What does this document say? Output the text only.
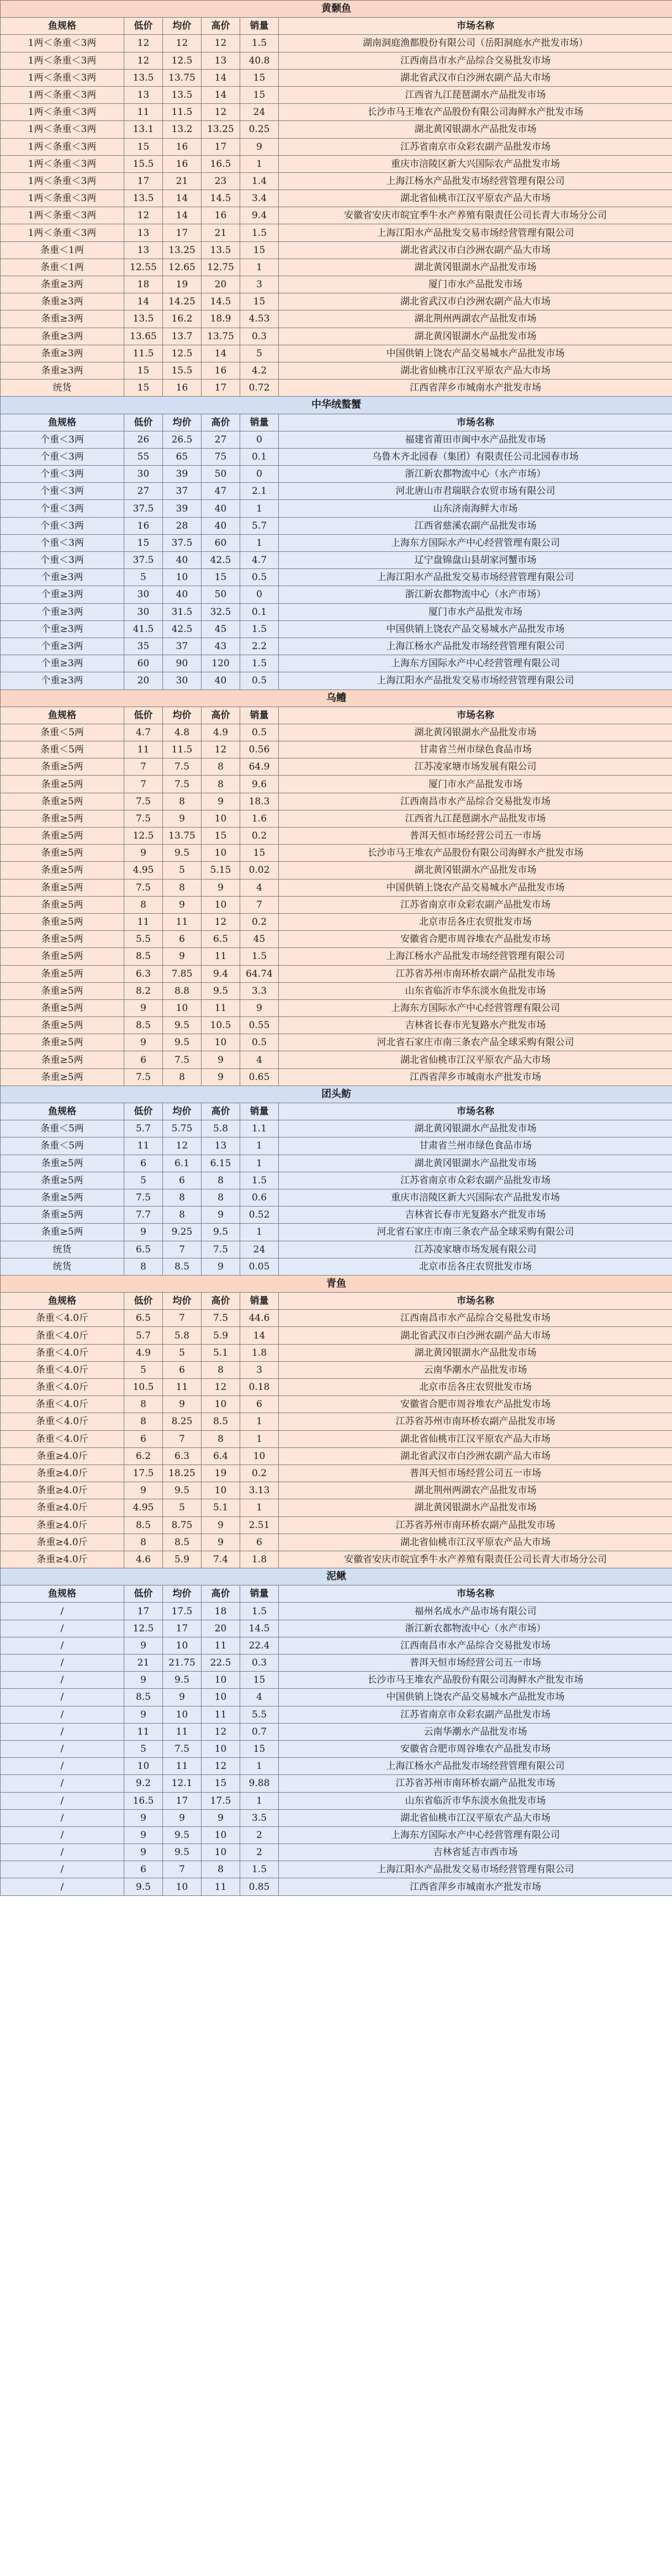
黄颡鱼					
鱼规格	低价	均价	高价	销量	市场名称
1两＜条重＜3两	12	12	12	1.5	湖南洞庭渔都股份有限公司（岳阳洞庭水产批发市场）
1两＜条重＜3两	12	12.5	13	40.8	江西南昌市水产品综合交易批发市场
1两＜条重＜3两	13.5	13.75	14	15	湖北省武汉市白沙洲农副产品大市场
1两＜条重＜3两	13	13.5	14	15	江西省九江琵琶湖水产品批发市场
1两＜条重＜3两	11	11.5	12	24	长沙市马王堆农产品股份有限公司海鲜水产批发市场
1两＜条重＜3两	13.1	13.2	13.25	0.25	湖北黄冈银湖水产品批发市场
1两＜条重＜3两	15	16	17	9	江苏省南京市众彩农副产品批发市场
1两＜条重＜3两	15.5	16	16.5	1	重庆市涪陵区新大兴国际农产品批发市场
1两＜条重＜3两	17	21	23	1.4	上海江杨水产品批发市场经营管理有限公司
1两＜条重＜3两	13.5	14	14.5	3.4	湖北省仙桃市江汉平原农产品大市场
1两＜条重＜3两	12	14	16	9.4	安徽省安庆市皖宜季牛水产养殖有限责任公司长青大市场分公司
1两＜条重＜3两	13	17	21	1.5	上海江阳水产品批发交易市场经营管理有限公司
条重＜1两	13	13.25	13.5	15	湖北省武汉市白沙洲农副产品大市场
条重＜1两	12.55	12.65	12.75	1	湖北黄冈银湖水产品批发市场
条重≥3两	18	19	20	3	厦门市水产品批发市场
条重≥3两	14	14.25	14.5	15	湖北省武汉市白沙洲农副产品大市场
条重≥3两	13.5	16.2	18.9	4.53	湖北荆州两湖农产品批发市场
条重≥3两	13.65	13.7	13.75	0.3	湖北黄冈银湖水产品批发市场
条重≥3两	11.5	12.5	14	5	中国供销上饶农产品交易城水产品批发市场
条重≥3两	15	15.5	16	4.2	湖北省仙桃市江汉平原农产品大市场
统货	15	16	17	0.72	江西省萍乡市城南水产批发市场
中华绒螯蟹					
鱼规格	低价	均价	高价	销量	市场名称
个重＜3两	26	26.5	27	0	福建省莆田市闽中水产品批发市场
个重＜3两	55	65	75	0.1	乌鲁木齐北园春（集团）有限责任公司北园春市场
个重＜3两	30	39	50	0	浙江新农都物流中心（水产市场）
个重＜3两	27	37	47	2.1	河北唐山市君瑞联合农贸市场有限公司
个重＜3两	37.5	39	40	1	山东济南海鲜大市场
个重＜3两	16	28	40	5.7	江西省慈溪农副产品批发市场
个重＜3两	15	37.5	60	1	上海东方国际水产中心经营管理有限公司
个重＜3两	37.5	40	42.5	4.7	辽宁盘锦盘山县胡家河蟹市场
个重≥3两	5	10	15	0.5	上海江阳水产品批发交易市场经营管理有限公司
个重≥3两	30	40	50	0	浙江新农都物流中心（水产市场）
个重≥3两	30	31.5	32.5	0.1	厦门市水产品批发市场
个重≥3两	41.5	42.5	45	1.5	中国供销上饶农产品交易城水产品批发市场
个重≥3两	35	37	43	2.2	上海江杨水产品批发市场经营管理有限公司
个重≥3两	60	90	120	1.5	上海东方国际水产中心经营管理有限公司
个重≥3两	20	30	40	0.5	上海江阳水产品批发交易市场经营管理有限公司
乌鳢					
鱼规格	低价	均价	高价	销量	市场名称
条重＜5两	4.7	4.8	4.9	0.5	湖北黄冈银湖水产品批发市场
条重＜5两	11	11.5	12	0.56	甘肃省兰州市绿色食品市场
条重≥5两	7	7.5	8	64.9	江苏凌家塘市场发展有限公司
条重≥5两	7	7.5	8	9.6	厦门市水产品批发市场
条重≥5两	7.5	8	9	18.3	江西南昌市水产品综合交易批发市场
条重≥5两	7.5	9	10	1.6	江西省九江琵琶湖水产品批发市场
条重≥5两	12.5	13.75	15	0.2	普洱天恒市场经营公司五一市场
条重≥5两	9	9.5	10	15	长沙市马王堆农产品股份有限公司海鲜水产批发市场
条重≥5两	4.95	5	5.15	0.02	湖北黄冈银湖水产品批发市场
条重≥5两	7.5	8	9	4	中国供销上饶农产品交易城水产品批发市场
条重≥5两	8	9	10	7	江苏省南京市众彩农副产品批发市场
条重≥5两	11	11	12	0.2	北京市岳各庄农贸批发市场
条重≥5两	5.5	6	6.5	45	安徽省合肥市周谷堆农产品批发市场
条重≥5两	8.5	9	11	1.5	上海江杨水产品批发市场经营管理有限公司
条重≥5两	6.3	7.85	9.4	64.74	江苏省苏州市南环桥农副产品批发市场
条重≥5两	8.2	8.8	9.5	3.3	山东省临沂市华东淡水鱼批发市场
条重≥5两	9	10	11	9	上海东方国际水产中心经营管理有限公司
条重≥5两	8.5	9.5	10.5	0.55	吉林省长春市光复路水产批发市场
条重≥5两	9	9.5	10	0.5	河北省石家庄市南三条农产品全球采购有限公司
条重≥5两	6	7.5	9	4	湖北省仙桃市江汉平原农产品大市场
条重≥5两	7.5	8	9	0.65	江西省萍乡市城南水产批发市场
团头鲂					
鱼规格	低价	均价	高价	销量	市场名称
条重＜5两	5.7	5.75	5.8	1.1	湖北黄冈银湖水产品批发市场
条重＜5两	11	12	13	1	甘肃省兰州市绿色食品市场
条重≥5两	6	6.1	6.15	1	湖北黄冈银湖水产品批发市场
条重≥5两	5	6	8	1.5	江苏省南京市众彩农副产品批发市场
条重≥5两	7.5	8	8	0.6	重庆市涪陵区新大兴国际农产品批发市场
条重≥5两	7.7	8	9	0.52	吉林省长春市光复路水产批发市场
条重≥5两	9	9.25	9.5	1	河北省石家庄市南三条农产品全球采购有限公司
统货	6.5	7	7.5	24	江苏凌家塘市场发展有限公司
统货	8	8.5	9	0.05	北京市岳各庄农贸批发市场
青鱼					
鱼规格	低价	均价	高价	销量	市场名称
条重＜4.0斤	6.5	7	7.5	44.6	江西南昌市水产品综合交易批发市场
条重＜4.0斤	5.7	5.8	5.9	14	湖北省武汉市白沙洲农副产品大市场
条重＜4.0斤	4.9	5	5.1	1.8	湖北黄冈银湖水产品批发市场
条重＜4.0斤	5	6	8	3	云南华潮水产品批发市场
条重＜4.0斤	10.5	11	12	0.18	北京市岳各庄农贸批发市场
条重＜4.0斤	8	9	10	6	安徽省合肥市周谷堆农产品批发市场
条重＜4.0斤	8	8.25	8.5	1	江苏省苏州市南环桥农副产品批发市场
条重＜4.0斤	6	7	8	1	湖北省仙桃市江汉平原农产品大市场
条重≥4.0斤	6.2	6.3	6.4	10	湖北省武汉市白沙洲农副产品大市场
条重≥4.0斤	17.5	18.25	19	0.2	普洱天恒市场经营公司五一市场
条重≥4.0斤	9	9.5	10	3.13	湖北荆州两湖农产品批发市场
条重≥4.0斤	4.95	5	5.1	1	湖北黄冈银湖水产品批发市场
条重≥4.0斤	8.5	8.75	9	2.51	江苏省苏州市南环桥农副产品批发市场
条重≥4.0斤	8	8.5	9	6	湖北省仙桃市江汉平原农产品大市场
条重≥4.0斤	4.6	5.9	7.4	1.8	安徽省安庆市皖宜季牛水产养殖有限责任公司长青大市场分公司
泥鳅					
鱼规格	低价	均价	高价	销量	市场名称
/	17	17.5	18	1.5	福州名成水产品市场有限公司
/	12.5	17	20	14.5	浙江新农都物流中心（水产市场）
/	9	10	11	22.4	江西南昌市水产品综合交易批发市场
/	21	21.75	22.5	0.3	普洱天恒市场经营公司五一市场
/	9	9.5	10	15	长沙市马王堆农产品股份有限公司海鲜水产批发市场
/	8.5	9	10	4	中国供销上饶农产品交易城水产品批发市场
/	9	10	11	5.5	江苏省南京市众彩农副产品批发市场
/	11	11	12	0.7	云南华潮水产品批发市场
/	5	7.5	10	15	安徽省合肥市周谷堆农产品批发市场
/	10	11	12	1	上海江杨水产品批发市场经营管理有限公司
/	9.2	12.1	15	9.88	江苏省苏州市南环桥农副产品批发市场
/	16.5	17	17.5	1	山东省临沂市华东淡水鱼批发市场
/	9	9	9	3.5	湖北省仙桃市江汉平原农产品大市场
/	9	9.5	10	2	上海东方国际水产中心经营管理有限公司
/	9	9.5	10	2	吉林省延吉市西市场
/	6	7	8	1.5	上海江阳水产品批发交易市场经营管理有限公司
/	9.5	10	11	0.85	江西省萍乡市城南水产批发市场
